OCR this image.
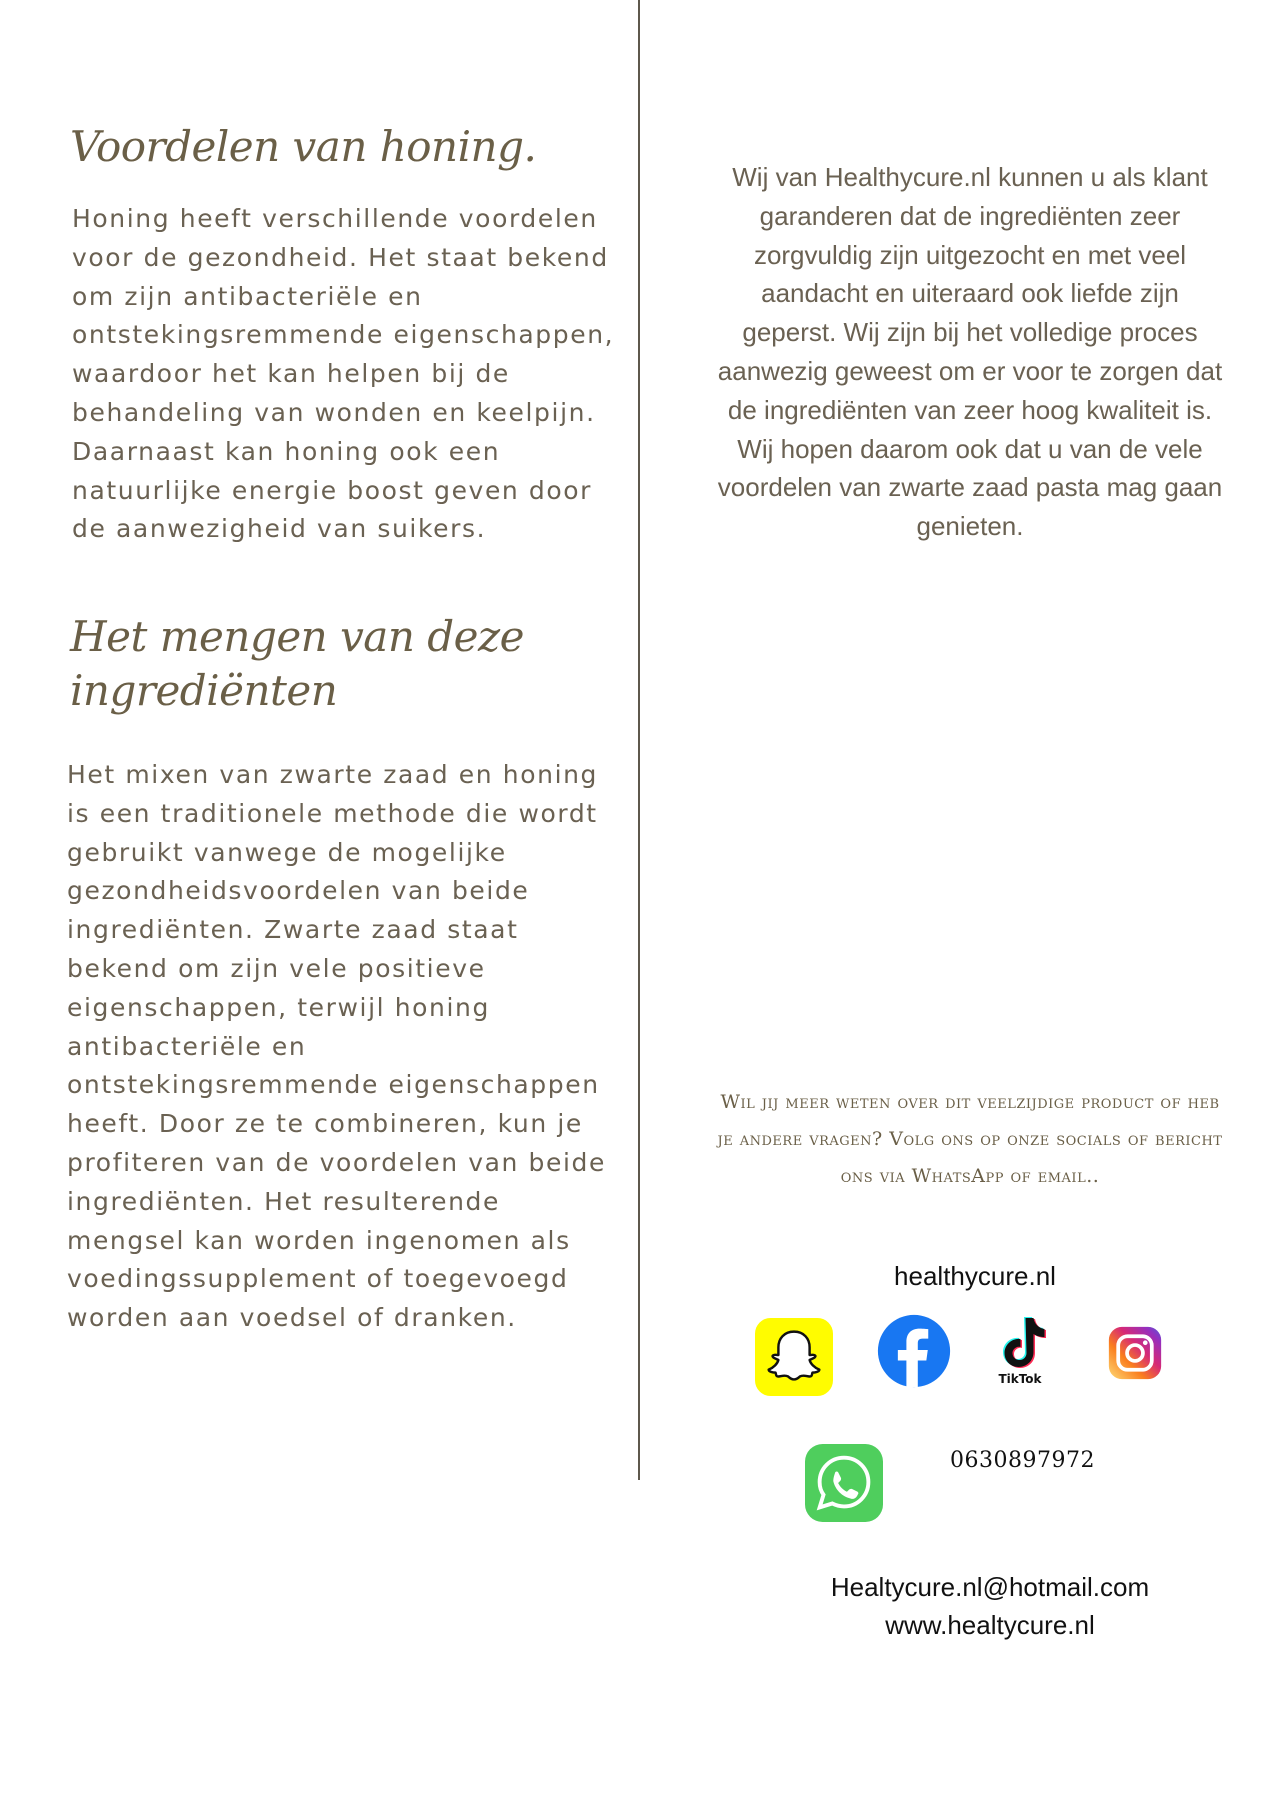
Voordelen van honing.

Honing heeft verschillende voordelen voor de gezondheid. Het staat bekend om zijn antibacteriële en ontstekingsremmende eigenschappen, waardoor het kan helpen bij de behandeling van wonden en keelpijn. Daarnaast kan honing ook een natuurlijke energie boost geven door de aanwezigheid van suikers.

Het mengen van deze ingrediënten

Het mixen van zwarte zaad en honing is een traditionele methode die wordt gebruikt vanwege de mogelijke gezondheidsvoordelen van beide ingrediënten. Zwarte zaad staat bekend om zijn vele positieve eigenschappen, terwijl honing antibacteriële en ontstekingsremmende eigenschappen heeft. Door ze te combineren, kun je profiteren van de voordelen van beide ingrediënten. Het resulterende mengsel kan worden ingenomen als voedingssupplement of toegevoegd worden aan voedsel of dranken.

Wij van Healthycure.nl kunnen u als klant garanderen dat de ingrediënten zeer zorgvuldig zijn uitgezocht en met veel aandacht en uiteraard ook liefde zijn geperst. Wij zijn bij het volledige proces aanwezig geweest om er voor te zorgen dat de ingrediënten van zeer hoog kwaliteit is. Wij hopen daarom ook dat u van de vele voordelen van zwarte zaad pasta mag gaan genieten.

Wil jij meer weten over dit veelzijdige product of heb je andere vragen? Volg ons op onze socials of bericht ons via WhatsApp of email..

healthycure.nl

TikTok

0630897972

Healtycure.nl@hotmail.com
www.healtycure.nl
